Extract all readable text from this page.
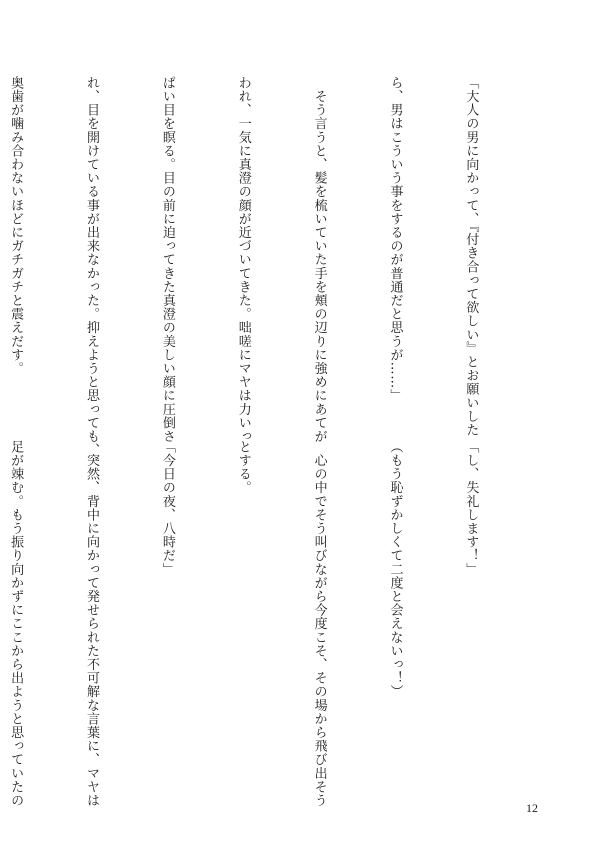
「大人の男に向かって、『付き合って欲しい』とお願いした

ら、男はこういう事をするのが普通だと思うが……」

　そう言うと、髪を梳いていた手を頬の辺りに強めにあてが

われ、一気に真澄の顔が近づいてきた。咄嗟にマヤは力いっ

ぱい目を瞑る。目の前に迫ってきた真澄の美しい顔に圧倒さ

れ、目を開けている事が出来なかった。抑えようと思っても、

奥歯が噛み合わないほどにガチガチと震えだす。

「し、失礼します！」

（もう恥ずかしくて二度と会えないっ！）

　心の中でそう叫びながら今度こそ、その場から飛び出そう

とする。

「今日の夜、八時だ」

　突然、背中に向かって発せられた不可解な言葉に、マヤは

足が竦む。もう振り向かずにここから出ようと思っていたの

12
